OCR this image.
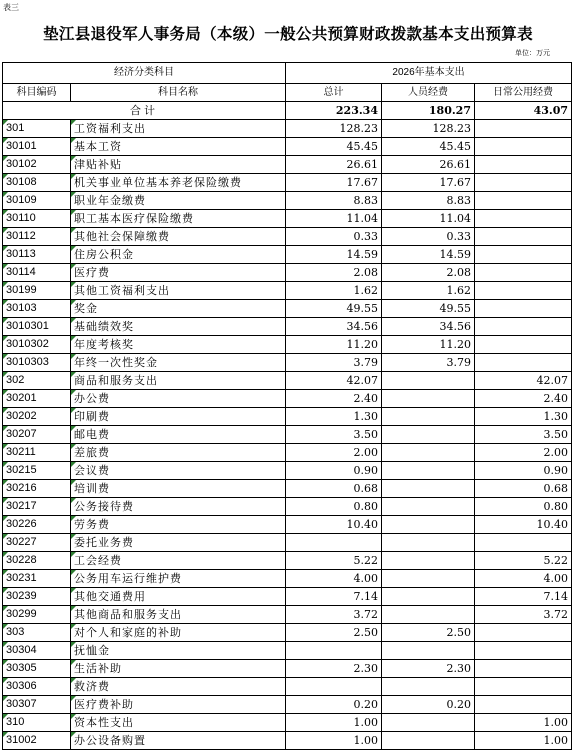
表三
垫江县退役军人事务局（本级）一般公共预算财政拨款基本支出预算表
单位：万元
经济分类科目		2026年基本支出		
科目编码	科目名称	总计	人员经费	日常公用经费
合计		223.34	180.27	43.07

301	工资福利支出	128.23	128.23	

30101	基本工资	45.45	45.45	

30102	津贴补贴	26.61	26.61	

30108	机关事业单位基本养老保险缴费	17.67	17.67	

30109	职业年金缴费	8.83	8.83	

30110	职工基本医疗保险缴费	11.04	11.04	

30112	其他社会保障缴费	0.33	0.33	

30113	住房公积金	14.59	14.59	

30114	医疗费	2.08	2.08	

30199	其他工资福利支出	1.62	1.62	

30103	奖金	49.55	49.55	

3010301	基础绩效奖	34.56	34.56	

3010302	年度考核奖	11.20	11.20	

3010303	年终一次性奖金	3.79	3.79	

302	商品和服务支出	42.07		42.07

30201	办公费	2.40		2.40

30202	印刷费	1.30		1.30

30207	邮电费	3.50		3.50

30211	差旅费	2.00		2.00

30215	会议费	0.90		0.90

30216	培训费	0.68		0.68

30217	公务接待费	0.80		0.80

30226	劳务费	10.40		10.40

30227	委托业务费			

30228	工会经费	5.22		5.22

30231	公务用车运行维护费	4.00		4.00

30239	其他交通费用	7.14		7.14

30299	其他商品和服务支出	3.72		3.72

303	对个人和家庭的补助	2.50	2.50	

30304	抚恤金			

30305	生活补助	2.30	2.30	

30306	救济费			

30307	医疗费补助	0.20	0.20	

310	资本性支出	1.00		1.00

31002	办公设备购置	1.00		1.00
